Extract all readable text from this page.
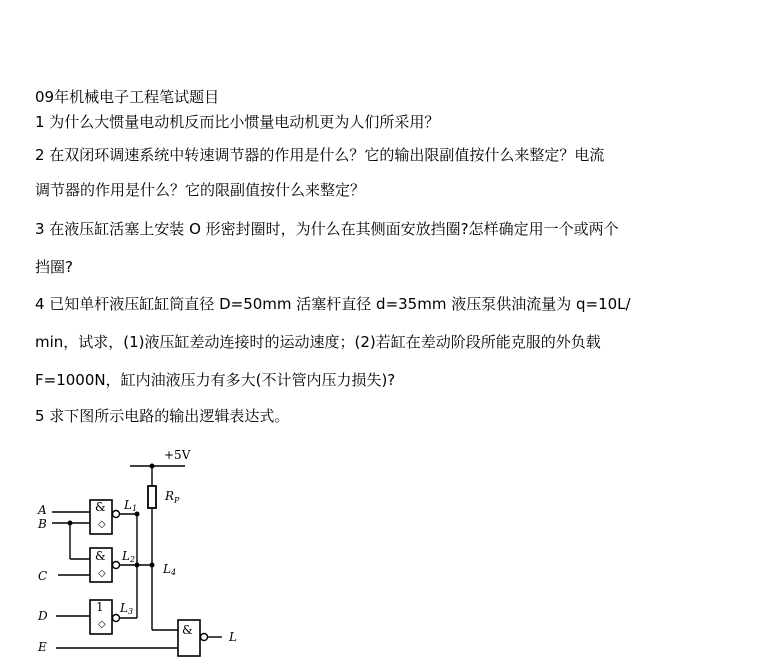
09年机械电子工程笔试题目
1 为什么大惯量电动机反而比小惯量电动机更为人们所采用？
2 在双闭环调速系统中转速调节器的作用是什么？它的输出限副值按什么来整定？电流
调节器的作用是什么？它的限副值按什么来整定？
3 在液压缸活塞上安装 O 形密封圈时，为什么在其侧面安放挡圈?怎样确定用一个或两个
挡圈?
4 已知单杆液压缸缸筒直径 D=50mm 活塞杆直径 d=35mm 液压泵供油流量为 q=10L/
min，试求，(1)液压缸差动连接时的运动速度；(2)若缸在差动阶段所能克服的外负载
F=1000N，缸内油液压力有多大(不计管内压力损失)?
5 求下图所示电路的输出逻辑表达式。
+5V
$R_P$
A
B
C
D
E
&
◇
&
◇
1
◇	&
L1
L2
L3
L4
L
